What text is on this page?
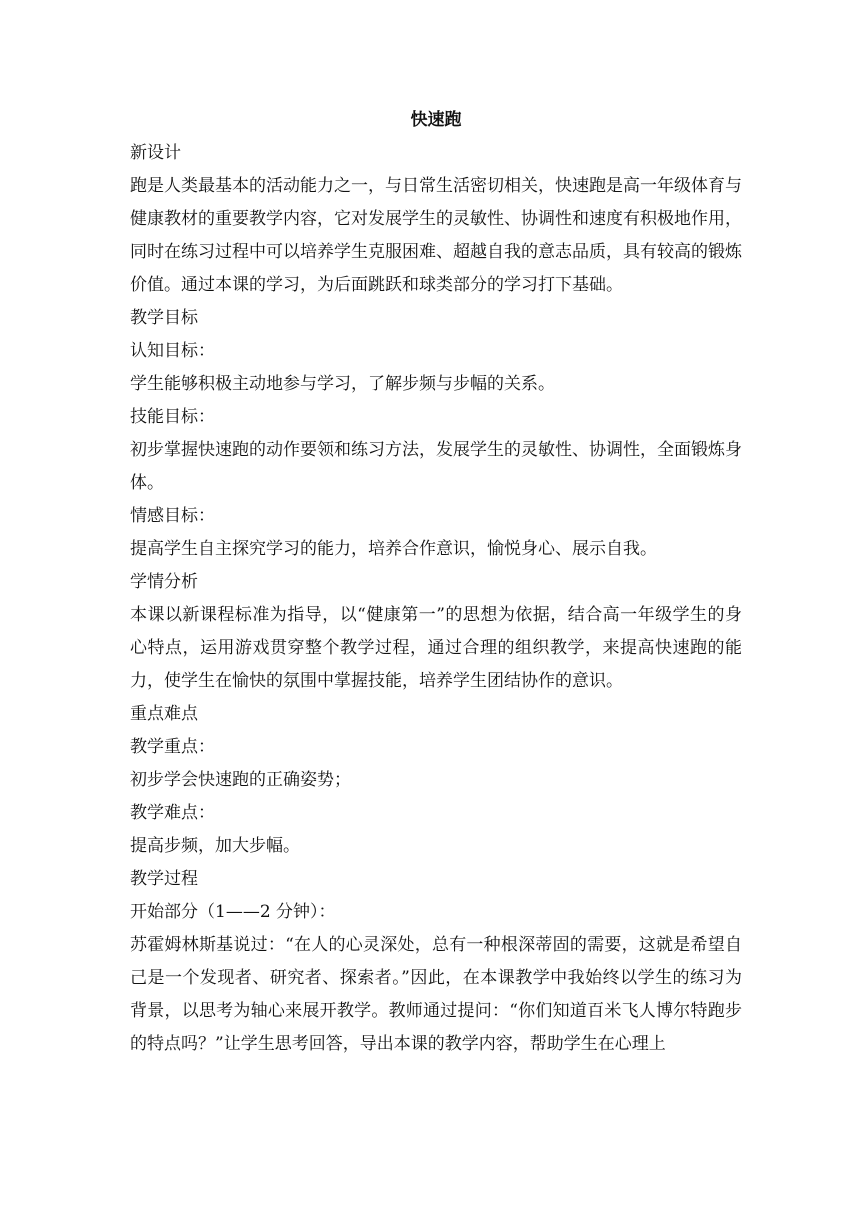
快速跑

新设计

跑是人类最基本的活动能力之一，与日常生活密切相关，快速跑是高一年级体育与健康教材的重要教学内容，它对发展学生的灵敏性、协调性和速度有积极地作用，同时在练习过程中可以培养学生克服困难、超越自我的意志品质，具有较高的锻炼价值。通过本课的学习，为后面跳跃和球类部分的学习打下基础。

教学目标

认知目标：

学生能够积极主动地参与学习，了解步频与步幅的关系。

技能目标：

初步掌握快速跑的动作要领和练习方法，发展学生的灵敏性、协调性，全面锻炼身体。

情感目标：

提高学生自主探究学习的能力，培养合作意识，愉悦身心、展示自我。

学情分析

本课以新课程标准为指导，以“健康第一”的思想为依据，结合高一年级学生的身心特点，运用游戏贯穿整个教学过程，通过合理的组织教学，来提高快速跑的能力，使学生在愉快的氛围中掌握技能，培养学生团结协作的意识。

重点难点

教学重点：

初步学会快速跑的正确姿势；

教学难点：

提高步频，加大步幅。

教学过程

开始部分（1——2 分钟）：

苏霍姆林斯基说过：“在人的心灵深处，总有一种根深蒂固的需要，这就是希望自己是一个发现者、研究者、探索者。”因此，在本课教学中我始终以学生的练习为背景，以思考为轴心来展开教学。教师通过提问：“你们知道百米飞人博尔特跑步的特点吗？”让学生思考回答，导出本课的教学内容，帮助学生在心理上
